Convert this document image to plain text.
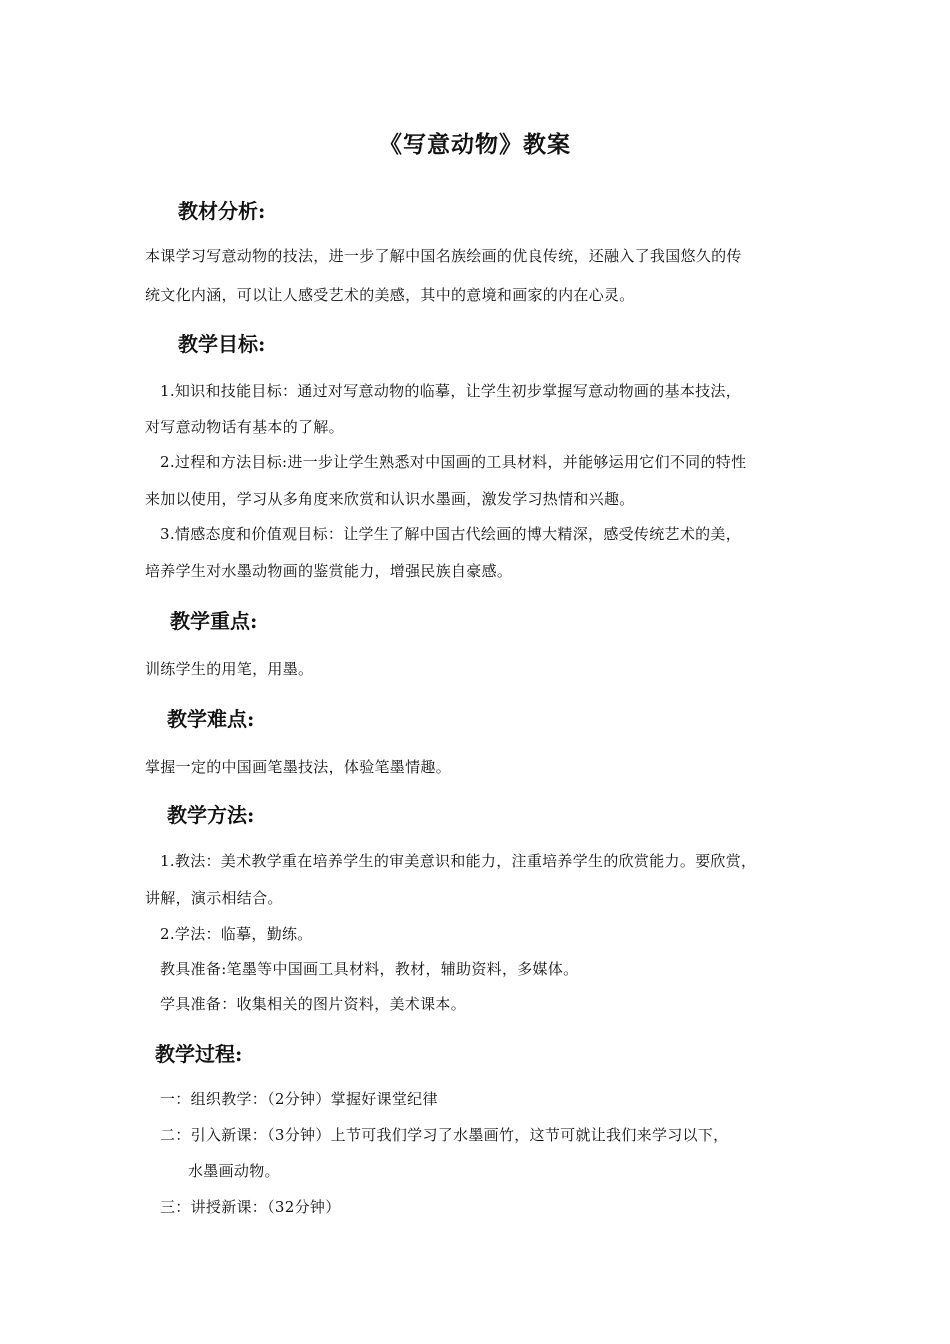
《写意动物》教案
教材分析:
本课学习写意动物的技法，进一步了解中国名族绘画的优良传统，还融入了我国悠久的传
统文化内涵，可以让人感受艺术的美感，其中的意境和画家的内在心灵。
教学目标:
1.知识和技能目标：通过对写意动物的临摹，让学生初步掌握写意动物画的基本技法，
对写意动物话有基本的了解。
2.过程和方法目标:进一步让学生熟悉对中国画的工具材料，并能够运用它们不同的特性
来加以使用，学习从多角度来欣赏和认识水墨画，激发学习热情和兴趣。
3.情感态度和价值观目标：让学生了解中国古代绘画的博大精深，感受传统艺术的美，
培养学生对水墨动物画的鉴赏能力，增强民族自豪感。
教学重点:
训练学生的用笔，用墨。
教学难点:
掌握一定的中国画笔墨技法，体验笔墨情趣。
教学方法:
1.教法：美术教学重在培养学生的审美意识和能力，注重培养学生的欣赏能力。要欣赏，
讲解，演示相结合。
2.学法：临摹，勤练。
教具准备:笔墨等中国画工具材料，教材，辅助资料，多媒体。
学具准备：收集相关的图片资料，美术课本。
教学过程:
一：组织教学：（2分钟）掌握好课堂纪律
二：引入新课：（3分钟）上节可我们学习了水墨画竹，这节可就让我们来学习以下，
水墨画动物。
三：讲授新课：（32分钟）
